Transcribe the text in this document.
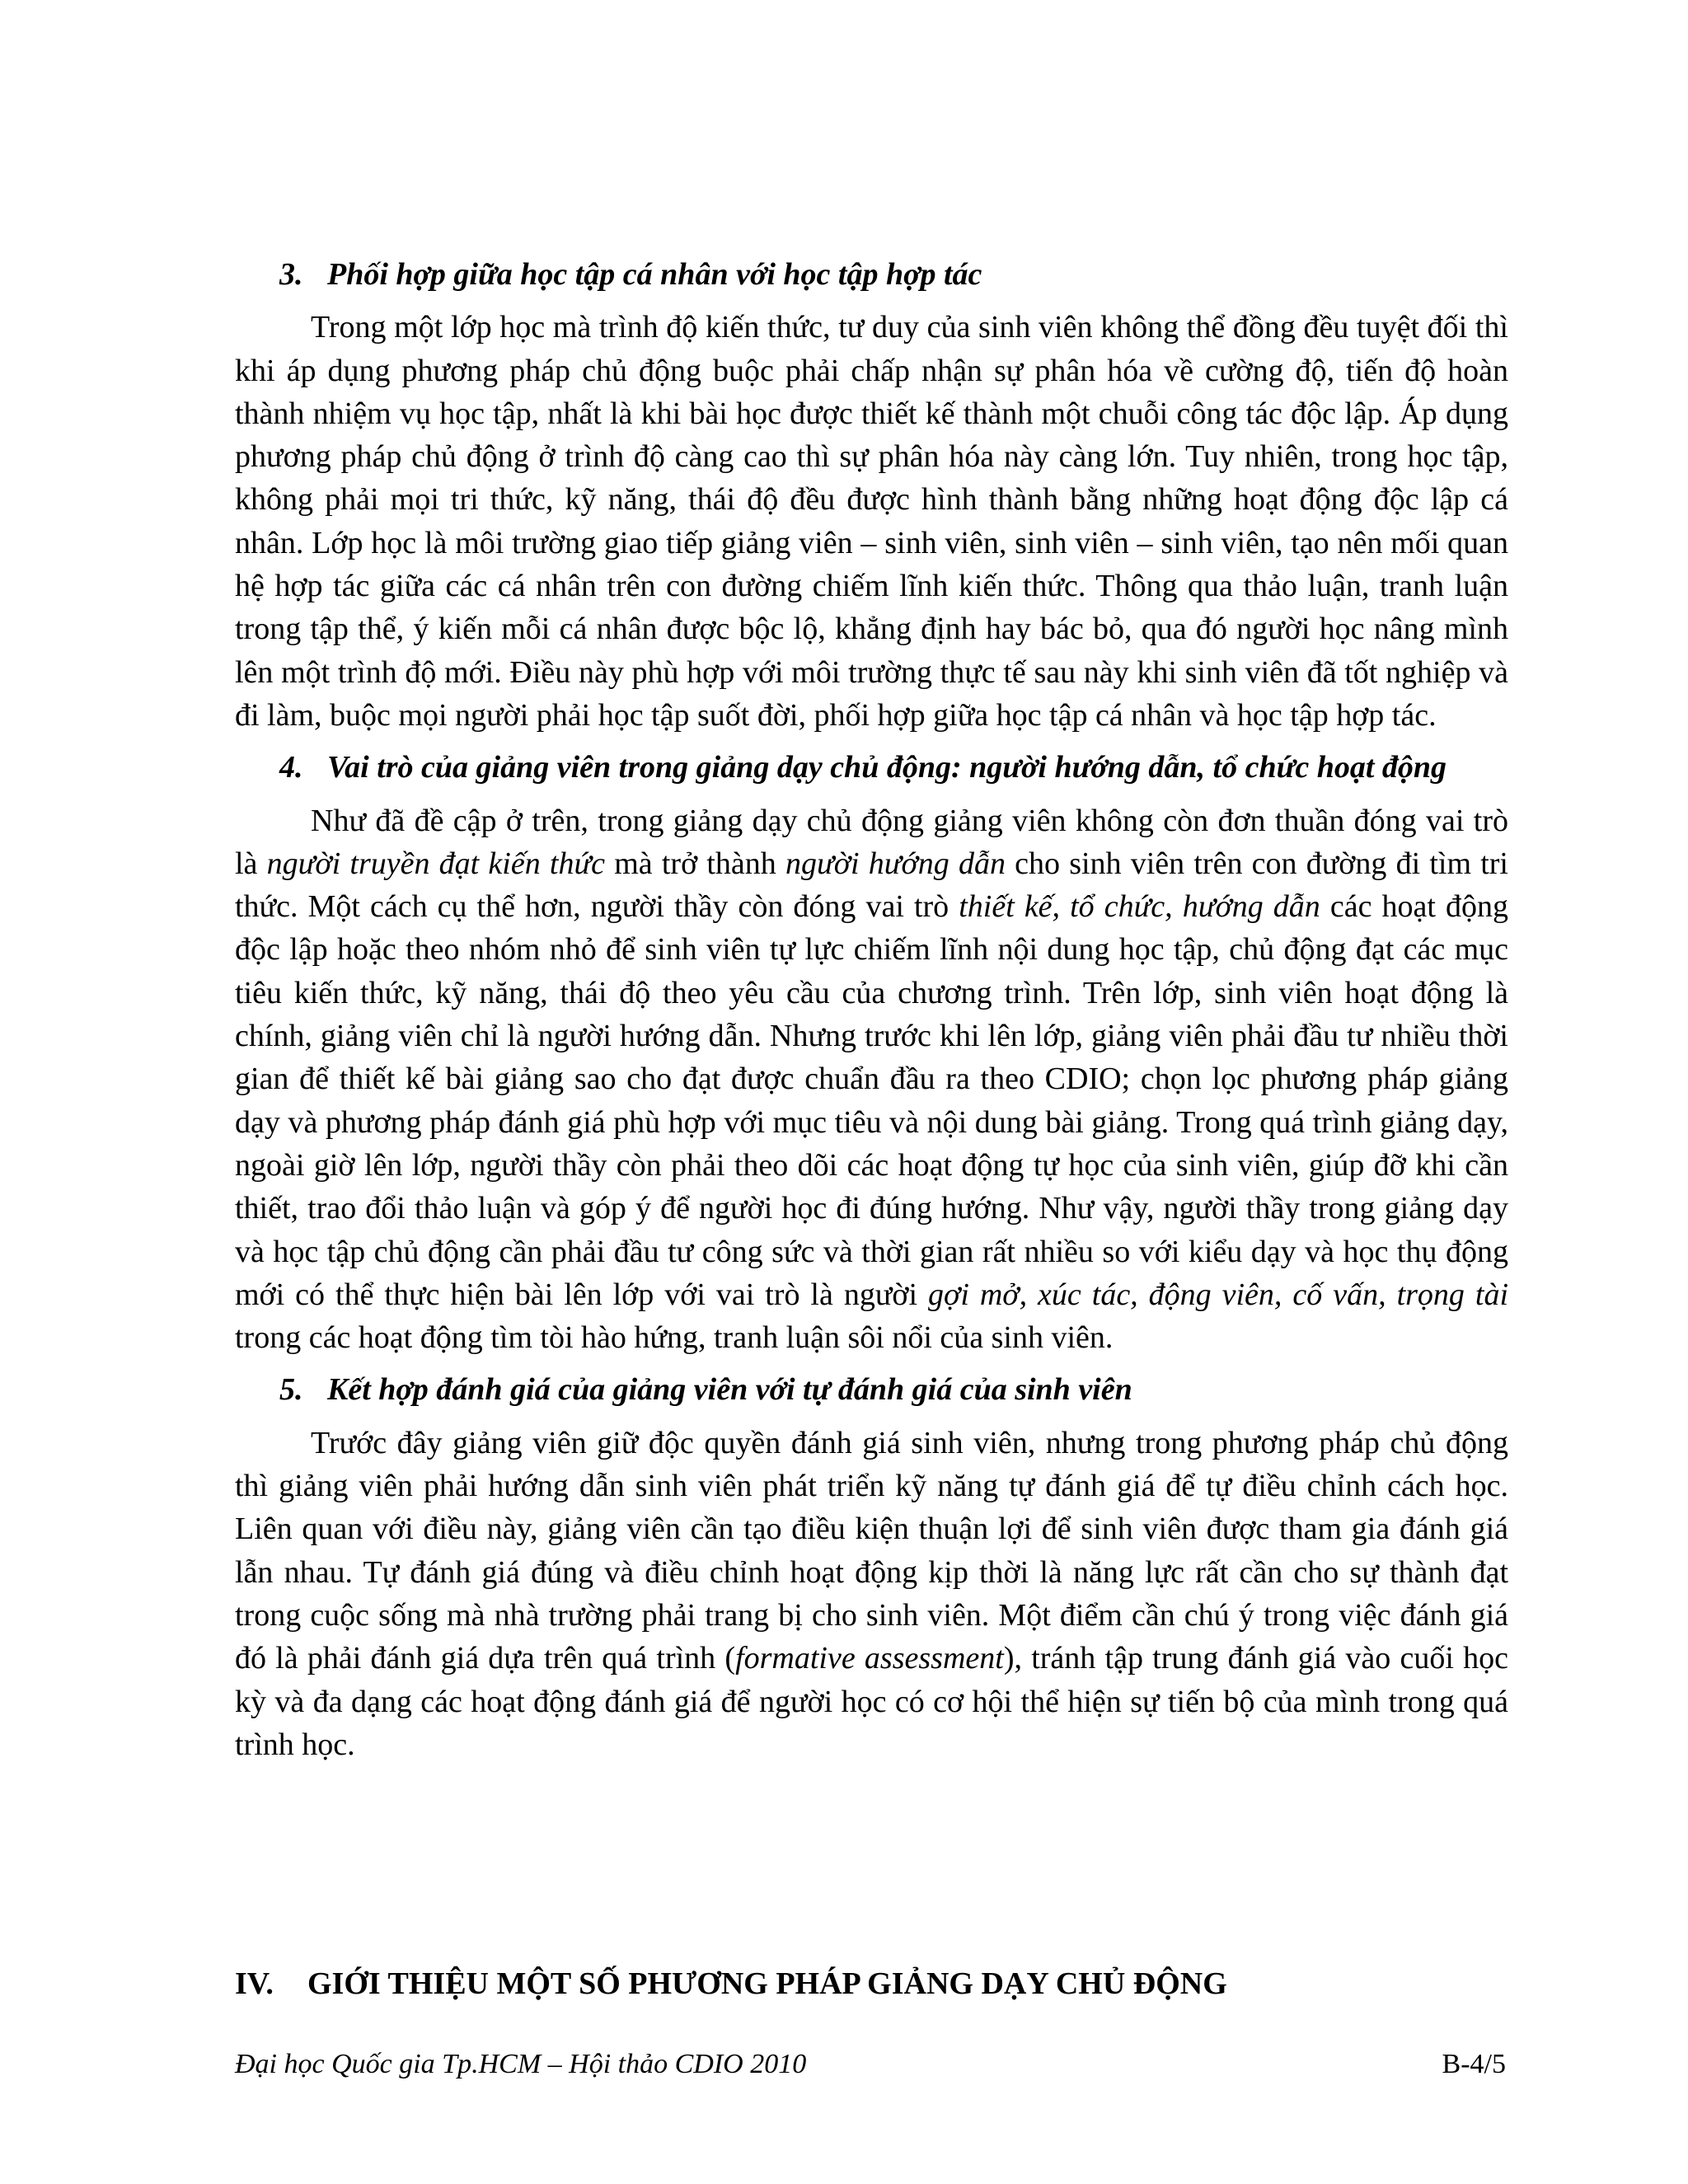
3. Phối hợp giữa học tập cá nhân với học tập hợp tác

Trong một lớp học mà trình độ kiến thức, tư duy của sinh viên không thể đồng đều tuyệt đối thì khi áp dụng phương pháp chủ động buộc phải chấp nhận sự phân hóa về cường độ, tiến độ hoàn thành nhiệm vụ học tập, nhất là khi bài học được thiết kế thành một chuỗi công tác độc lập. Áp dụng phương pháp chủ động ở trình độ càng cao thì sự phân hóa này càng lớn. Tuy nhiên, trong học tập, không phải mọi tri thức, kỹ năng, thái độ đều được hình thành bằng những hoạt động độc lập cá nhân. Lớp học là môi trường giao tiếp giảng viên – sinh viên, sinh viên – sinh viên, tạo nên mối quan hệ hợp tác giữa các cá nhân trên con đường chiếm lĩnh kiến thức. Thông qua thảo luận, tranh luận trong tập thể, ý kiến mỗi cá nhân được bộc lộ, khẳng định hay bác bỏ, qua đó người học nâng mình lên một trình độ mới. Điều này phù hợp với môi trường thực tế sau này khi sinh viên đã tốt nghiệp và đi làm, buộc mọi người phải học tập suốt đời, phối hợp giữa học tập cá nhân và học tập hợp tác.

4. Vai trò của giảng viên trong giảng dạy chủ động: người hướng dẫn, tổ chức hoạt động

Như đã đề cập ở trên, trong giảng dạy chủ động giảng viên không còn đơn thuần đóng vai trò là người truyền đạt kiến thức mà trở thành người hướng dẫn cho sinh viên trên con đường đi tìm tri thức. Một cách cụ thể hơn, người thầy còn đóng vai trò thiết kế, tổ chức, hướng dẫn các hoạt động độc lập hoặc theo nhóm nhỏ để sinh viên tự lực chiếm lĩnh nội dung học tập, chủ động đạt các mục tiêu kiến thức, kỹ năng, thái độ theo yêu cầu của chương trình. Trên lớp, sinh viên hoạt động là chính, giảng viên chỉ là người hướng dẫn. Nhưng trước khi lên lớp, giảng viên phải đầu tư nhiều thời gian để thiết kế bài giảng sao cho đạt được chuẩn đầu ra theo CDIO; chọn lọc phương pháp giảng dạy và phương pháp đánh giá phù hợp với mục tiêu và nội dung bài giảng. Trong quá trình giảng dạy, ngoài giờ lên lớp, người thầy còn phải theo dõi các hoạt động tự học của sinh viên, giúp đỡ khi cần thiết, trao đổi thảo luận và góp ý để người học đi đúng hướng. Như vậy, người thầy trong giảng dạy và học tập chủ động cần phải đầu tư công sức và thời gian rất nhiều so với kiểu dạy và học thụ động mới có thể thực hiện bài lên lớp với vai trò là người gợi mở, xúc tác, động viên, cố vấn, trọng tài trong các hoạt động tìm tòi hào hứng, tranh luận sôi nổi của sinh viên.

5. Kết hợp đánh giá của giảng viên với tự đánh giá của sinh viên

Trước đây giảng viên giữ độc quyền đánh giá sinh viên, nhưng trong phương pháp chủ động thì giảng viên phải hướng dẫn sinh viên phát triển kỹ năng tự đánh giá để tự điều chỉnh cách học. Liên quan với điều này, giảng viên cần tạo điều kiện thuận lợi để sinh viên được tham gia đánh giá lẫn nhau. Tự đánh giá đúng và điều chỉnh hoạt động kịp thời là năng lực rất cần cho sự thành đạt trong cuộc sống mà nhà trường phải trang bị cho sinh viên. Một điểm cần chú ý trong việc đánh giá đó là phải đánh giá dựa trên quá trình (formative assessment), tránh tập trung đánh giá vào cuối học kỳ và đa dạng các hoạt động đánh giá để người học có cơ hội thể hiện sự tiến bộ của mình trong quá trình học.

IV. GIỚI THIỆU MỘT SỐ PHƯƠNG PHÁP GIẢNG DẠY CHỦ ĐỘNG
Đại học Quốc gia Tp.HCM – Hội thảo CDIO 2010	B-4/5
